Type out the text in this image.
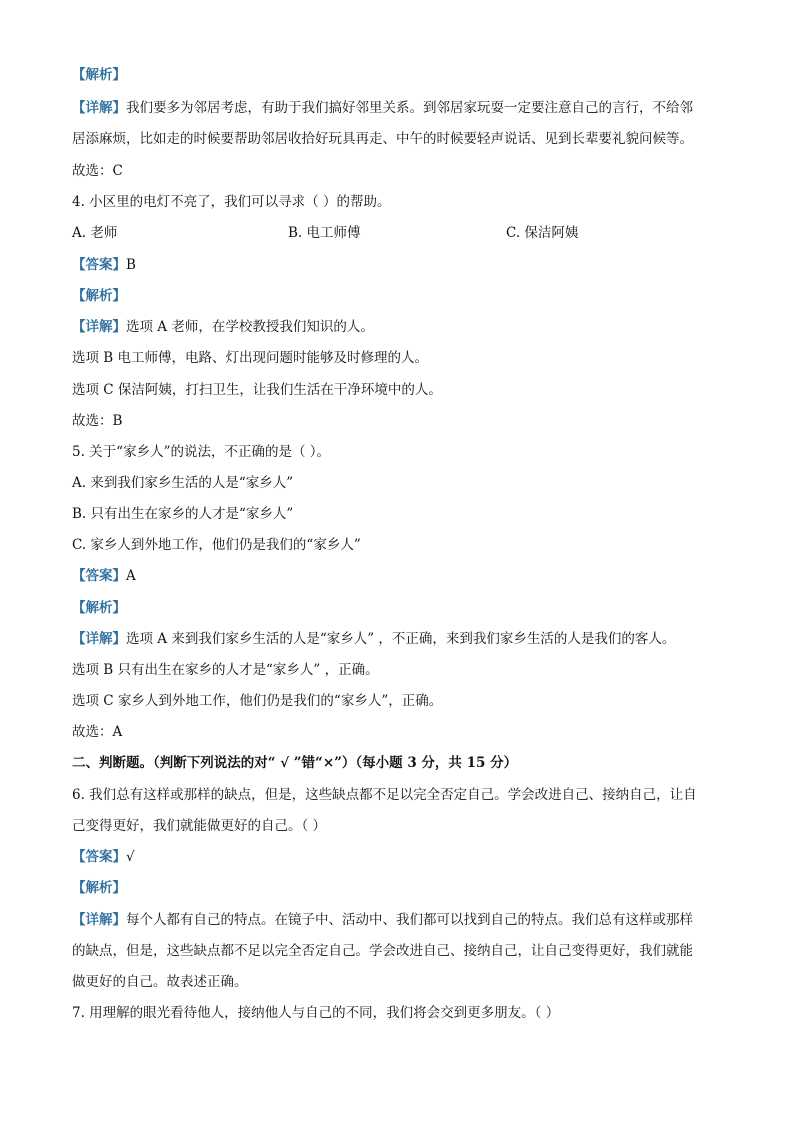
【解析】
【详解】我们要多为邻居考虑，有助于我们搞好邻里关系。到邻居家玩耍一定要注意自己的言行，不给邻
居添麻烦，比如走的时候要帮助邻居收拾好玩具再走、中午的时候要轻声说话、见到长辈要礼貌问候等。
故选：C
4. 小区里的电灯不亮了，我们可以寻求（ ）的帮助。
A. 老师	B. 电工师傅	C. 保洁阿姨
【答案】B
【解析】
【详解】选项 A 老师，在学校教授我们知识的人。
选项 B 电工师傅，电路、灯出现问题时能够及时修理的人。
选项 C 保洁阿姨，打扫卫生，让我们生活在干净环境中的人。
故选：B
5. 关于“家乡人”的说法，不正确的是（ ）。
A. 来到我们家乡生活的人是“家乡人”
B. 只有出生在家乡的人才是“家乡人”
C. 家乡人到外地工作，他们仍是我们的“家乡人”
【答案】A
【解析】
【详解】选项 A 来到我们家乡生活的人是“家乡人” ，不正确，来到我们家乡生活的人是我们的客人。
选项 B 只有出生在家乡的人才是“家乡人” ，正确。
选项 C 家乡人到外地工作，他们仍是我们的“家乡人”，正确。
故选：A
二、判断题。（判断下列说法的对“ √ ”错“×”）（每小题 3 分，共 15 分）
6. 我们总有这样或那样的缺点，但是，这些缺点都不足以完全否定自己。学会改进自己、接纳自己，让自
己变得更好，我们就能做更好的自己。（ ）
【答案】√
【解析】
【详解】每个人都有自己的特点。在镜子中、活动中、我们都可以找到自己的特点。我们总有这样或那样
的缺点，但是，这些缺点都不足以完全否定自己。学会改进自己、接纳自己，让自己变得更好，我们就能
做更好的自己。故表述正确。
7. 用理解的眼光看待他人，接纳他人与自己的不同，我们将会交到更多朋友。（ ）
